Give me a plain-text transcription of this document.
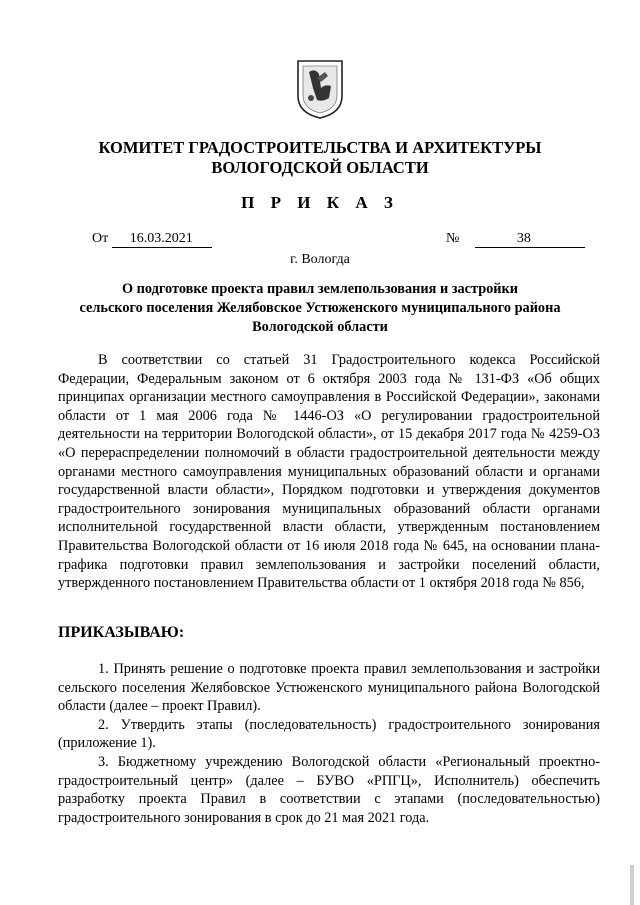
КОМИТЕТ ГРАДОСТРОИТЕЛЬСТВА И АРХИТЕКТУРЫ
ВОЛОГОДСКОЙ ОБЛАСТИ
П Р И К А З
От 16.03.2021	№	38
г. Вологда
О подготовке проекта правил землепользования и застройки
сельского поселения Желябовское Устюженского муниципального района
Вологодской области

В соответствии со статьей 31 Градостроительного кодекса Российской Федерации, Федеральным законом от 6 октября 2003 года № 131-ФЗ «Об общих принципах организации местного самоуправления в Российской Федерации», законами области от 1 мая 2006 года № 1446-ОЗ «О регулировании градостроительной деятельности на территории Вологодской области», от 15 декабря 2017 года № 4259-ОЗ «О перераспределении полномочий в области градостроительной деятельности между органами местного самоуправления муниципальных образований области и органами государственной власти области», Порядком подготовки и утверждения документов градостроительного зонирования муниципальных образований области органами исполнительной государственной власти области, утвержденным постановлением Правительства Вологодской области от 16 июля 2018 года № 645, на основании плана-графика подготовки правил землепользования и застройки поселений области, утвержденного постановлением Правительства области от 1 октября 2018 года № 856,

ПРИКАЗЫВАЮ:

1. Принять решение о подготовке проекта правил землепользования и застройки сельского поселения Желябовское Устюженского муниципального района Вологодской области (далее – проект Правил).

2. Утвердить этапы (последовательность) градостроительного зонирования (приложение 1).

3. Бюджетному учреждению Вологодской области «Региональный проектно-градостроительный центр» (далее – БУВО «РПГЦ», Исполнитель) обеспечить разработку проекта Правил в соответствии с этапами (последовательностью) градостроительного зонирования в срок до 21 мая 2021 года.
